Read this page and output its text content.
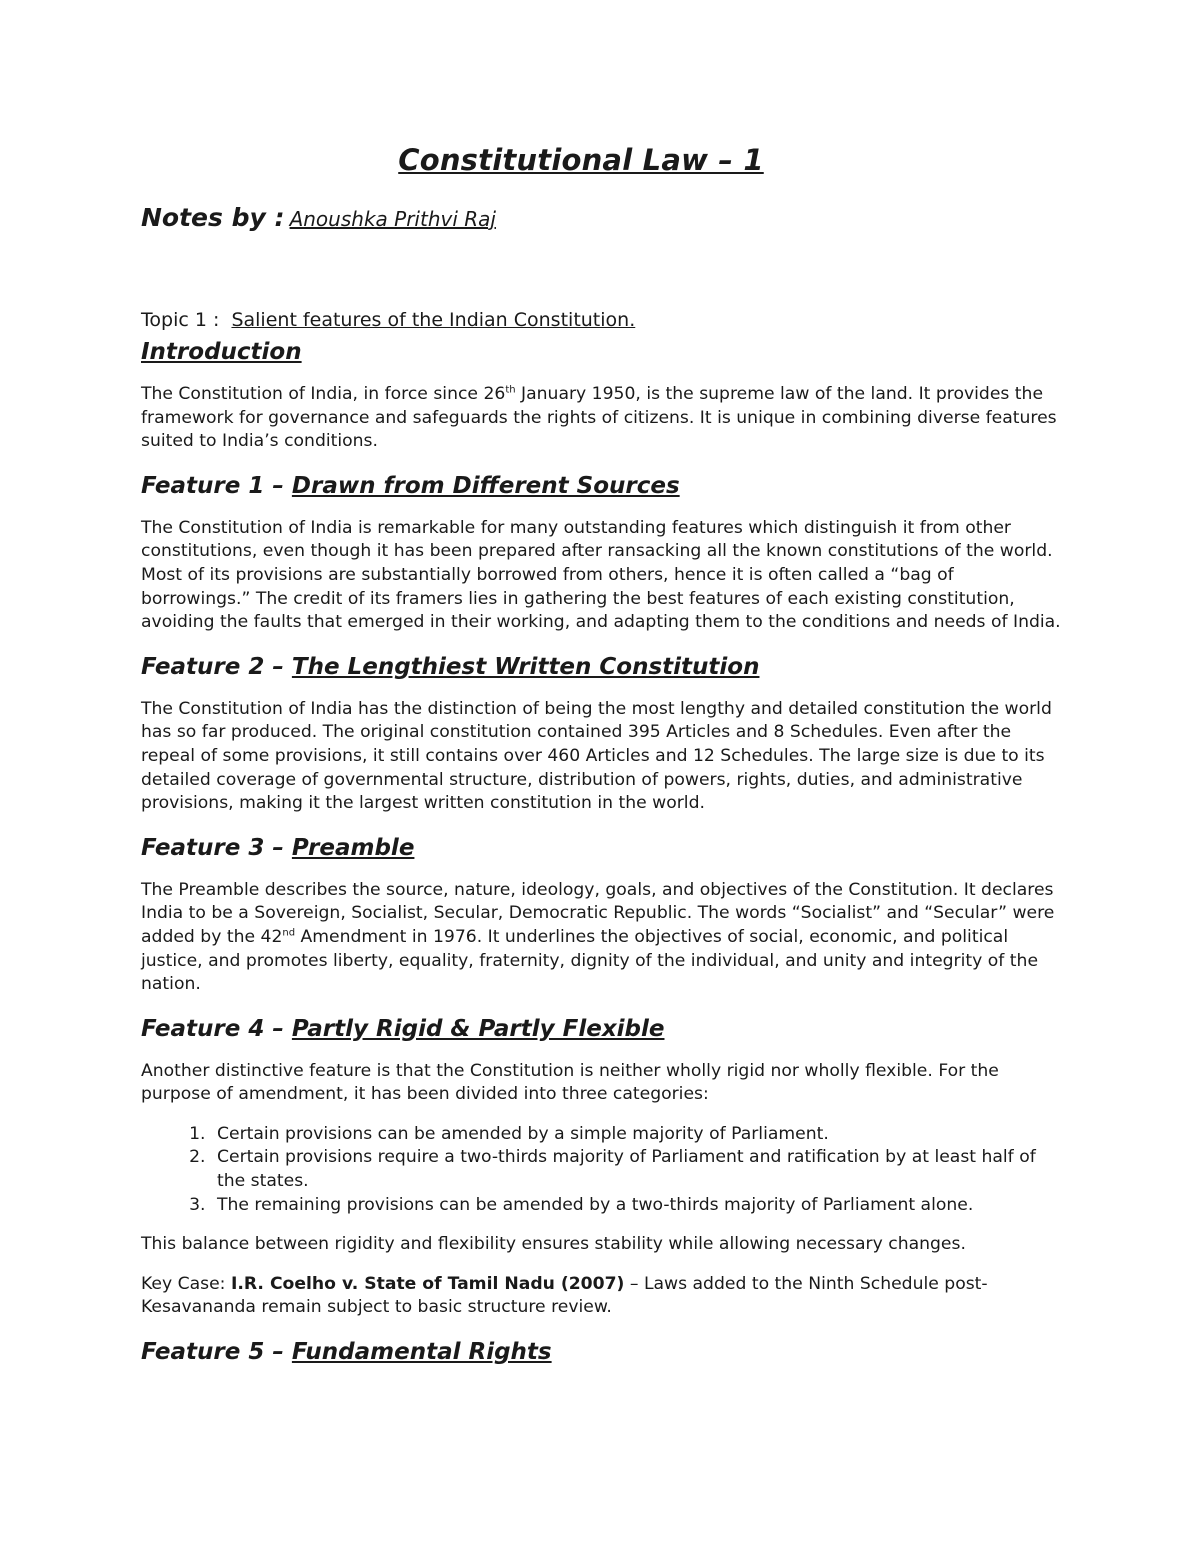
Constitutional Law – 1
Notes by : Anoushka Prithvi Raj
Topic 1 : Salient features of the Indian Constitution.
Introduction

The Constitution of India, in force since 26th January 1950, is the supreme law of the land. It provides the framework for governance and safeguards the rights of citizens. It is unique in combining diverse features suited to India’s conditions.

Feature 1 – Drawn from Different Sources

The Constitution of India is remarkable for many outstanding features which distinguish it from other constitutions, even though it has been prepared after ransacking all the known constitutions of the world. Most of its provisions are substantially borrowed from others, hence it is often called a “bag of borrowings.” The credit of its framers lies in gathering the best features of each existing constitution, avoiding the faults that emerged in their working, and adapting them to the conditions and needs of India.

Feature 2 – The Lengthiest Written Constitution

The Constitution of India has the distinction of being the most lengthy and detailed constitution the world has so far produced. The original constitution contained 395 Articles and 8 Schedules. Even after the repeal of some provisions, it still contains over 460 Articles and 12 Schedules. The large size is due to its detailed coverage of governmental structure, distribution of powers, rights, duties, and administrative provisions, making it the largest written constitution in the world.

Feature 3 – Preamble

The Preamble describes the source, nature, ideology, goals, and objectives of the Constitution. It declares India to be a Sovereign, Socialist, Secular, Democratic Republic. The words “Socialist” and “Secular” were added by the 42nd Amendment in 1976. It underlines the objectives of social, economic, and political justice, and promotes liberty, equality, fraternity, dignity of the individual, and unity and integrity of the nation.

Feature 4 – Partly Rigid & Partly Flexible

Another distinctive feature is that the Constitution is neither wholly rigid nor wholly flexible. For the purpose of amendment, it has been divided into three categories:

1. Certain provisions can be amended by a simple majority of Parliament.
2. Certain provisions require a two-thirds majority of Parliament and ratification by at least half of the states.
3. The remaining provisions can be amended by a two-thirds majority of Parliament alone.

This balance between rigidity and flexibility ensures stability while allowing necessary changes.

Key Case: I.R. Coelho v. State of Tamil Nadu (2007) – Laws added to the Ninth Schedule post-Kesavananda remain subject to basic structure review.

Feature 5 – Fundamental Rights
